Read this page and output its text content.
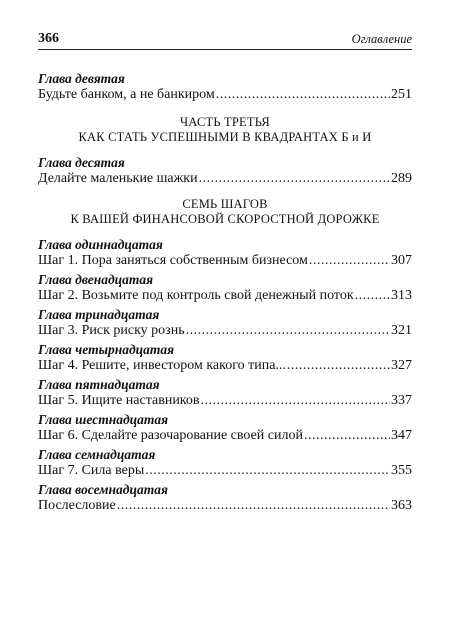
366	Оглавление
Глава девятая
Будьте банком, а не банкиром .....	251
ЧАСТЬ ТРЕТЬЯ
КАК СТАТЬ УСПЕШНЫМИ В КВАДРАНТАХ Б и И
Глава десятая
Делайте маленькие шажки .....	289
СЕМЬ ШАГОВ
К ВАШЕЙ ФИНАНСОВОЙ СКОРОСТНОЙ ДОРОЖКЕ
Глава одиннадцатая
Шаг 1. Пора заняться собственным бизнесом .....	307
Глава двенадцатая
Шаг 2. Возьмите под контроль свой денежный поток .....	313
Глава тринадцатая
Шаг 3. Риск риску рознь .....	321
Глава четырнадцатая
Шаг 4. Решите, инвестором какого типа... .....	327
Глава пятнадцатая
Шаг 5. Ищите наставников .....	337
Глава шестнадцатая
Шаг 6. Сделайте разочарование своей силой .....	347
Глава семнадцатая
Шаг 7. Сила веры .....	355
Глава восемнадцатая
Послесловие .....	363
